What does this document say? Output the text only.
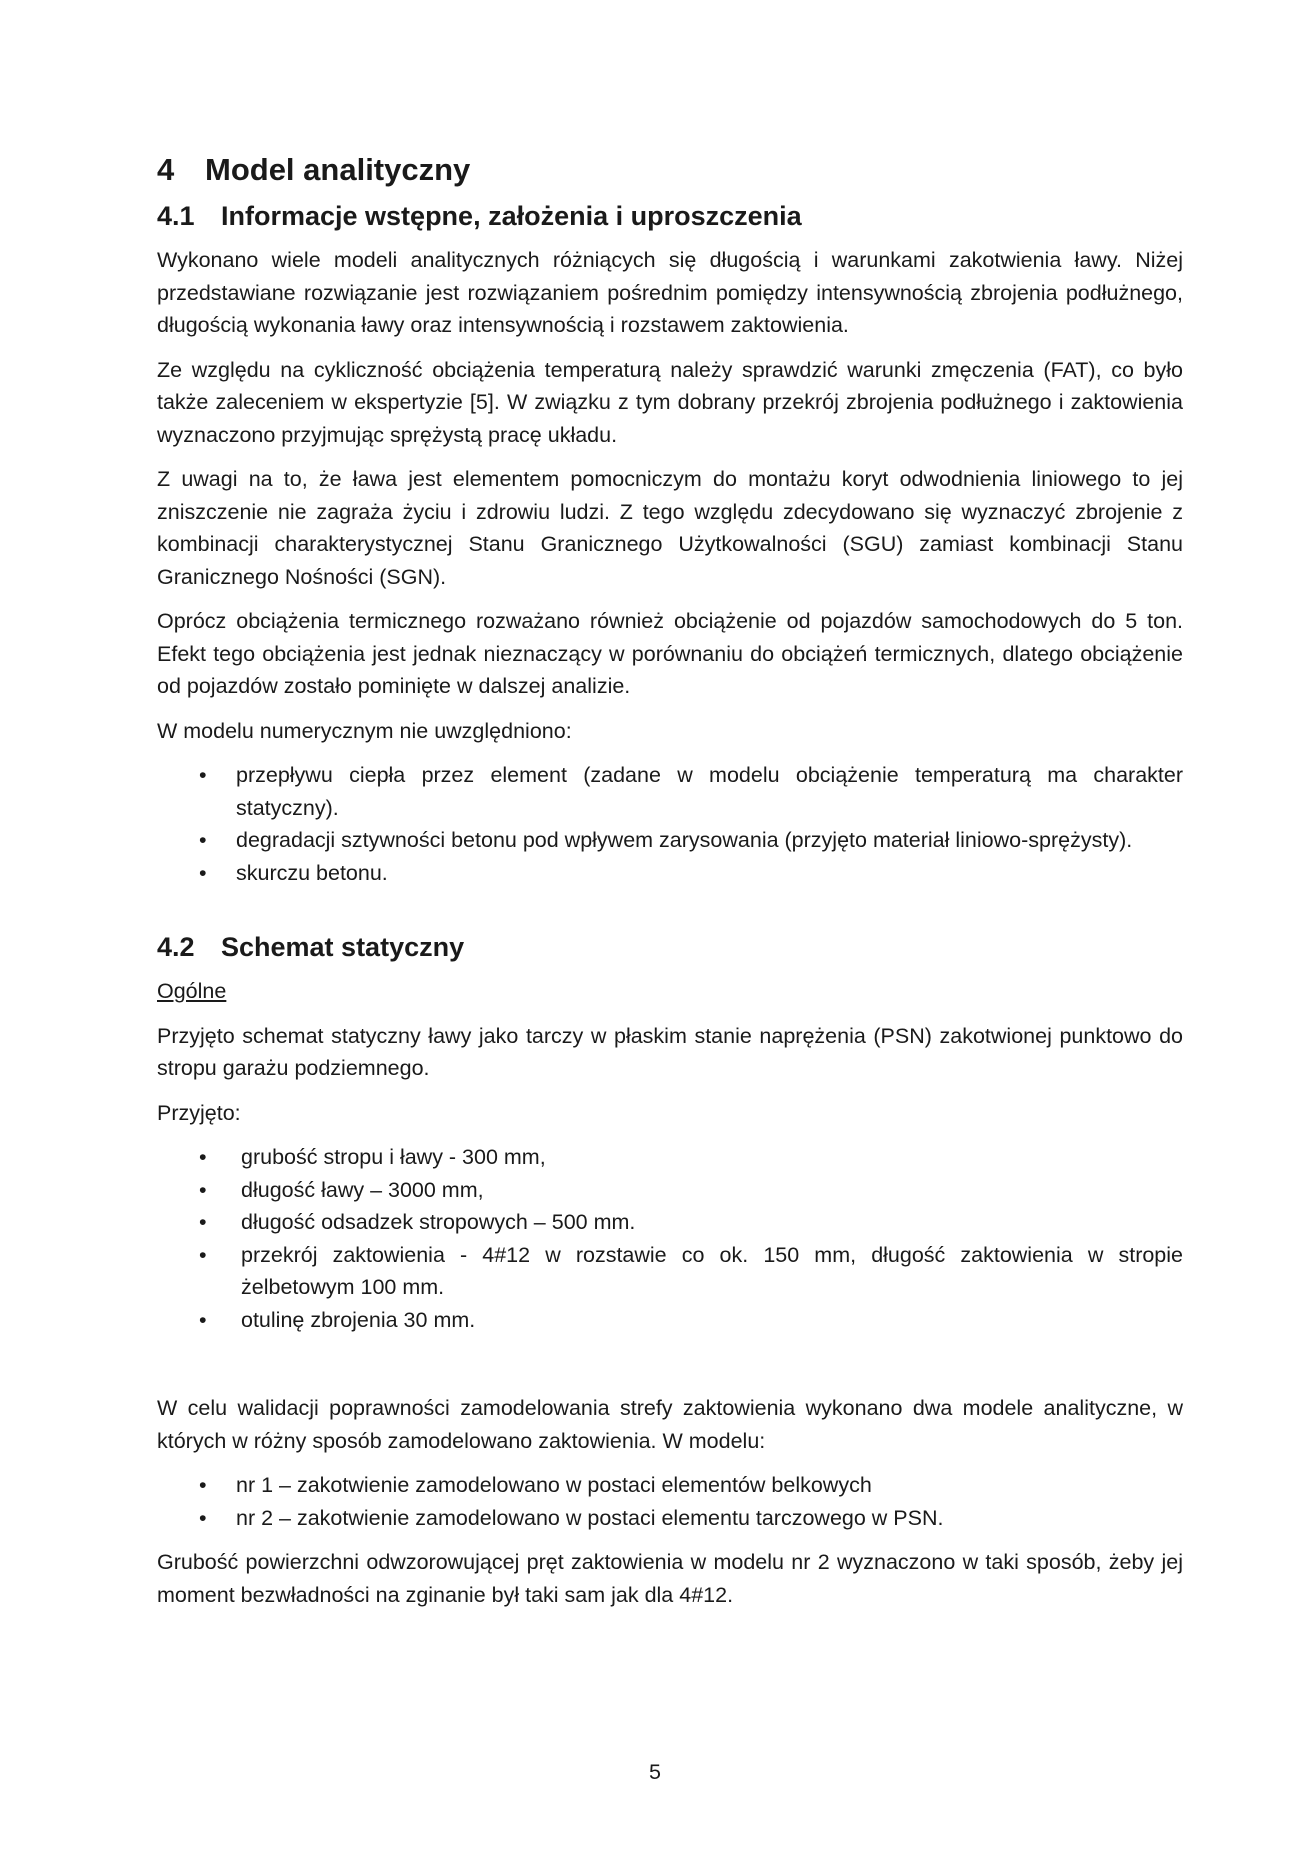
4 Model analityczny
4.1 Informacje wstępne, założenia i uproszczenia

Wykonano wiele modeli analitycznych różniących się długością i warunkami zakotwienia ławy. Niżej przedstawiane rozwiązanie jest rozwiązaniem pośrednim pomiędzy intensywnością zbrojenia podłużnego, długością wykonania ławy oraz intensywnością i rozstawem zaktowienia.

Ze względu na cykliczność obciążenia temperaturą należy sprawdzić warunki zmęczenia (FAT), co było także zaleceniem w ekspertyzie [5]. W związku z tym dobrany przekrój zbrojenia podłużnego i zaktowienia wyznaczono przyjmując sprężystą pracę układu.

Z uwagi na to, że ława jest elementem pomocniczym do montażu koryt odwodnienia liniowego to jej zniszczenie nie zagraża życiu i zdrowiu ludzi. Z tego względu zdecydowano się wyznaczyć zbrojenie z kombinacji charakterystycznej Stanu Granicznego Użytkowalności (SGU) zamiast kombinacji Stanu Granicznego Nośności (SGN).

Oprócz obciążenia termicznego rozważano również obciążenie od pojazdów samochodowych do 5 ton. Efekt tego obciążenia jest jednak nieznaczący w porównaniu do obciążeń termicznych, dlatego obciążenie od pojazdów zostało pominięte w dalszej analizie.

W modelu numerycznym nie uwzględniono:

• przepływu ciepła przez element (zadane w modelu obciążenie temperaturą ma charakter statyczny).
• degradacji sztywności betonu pod wpływem zarysowania (przyjęto materiał liniowo-sprężysty).
• skurczu betonu.
4.2 Schemat statyczny

Ogólne

Przyjęto schemat statyczny ławy jako tarczy w płaskim stanie naprężenia (PSN) zakotwionej punktowo do stropu garażu podziemnego.

Przyjęto:

• grubość stropu i ławy - 300 mm,
• długość ławy – 3000 mm,
• długość odsadzek stropowych – 500 mm.
• przekrój zaktowienia - 4#12 w rozstawie co ok. 150 mm, długość zaktowienia w stropie żelbetowym 100 mm.
• otulinę zbrojenia 30 mm.

W celu walidacji poprawności zamodelowania strefy zaktowienia wykonano dwa modele analityczne, w których w różny sposób zamodelowano zaktowienia. W modelu:

• nr 1 – zakotwienie zamodelowano w postaci elementów belkowych
• nr 2 – zakotwienie zamodelowano w postaci elementu tarczowego w PSN.

Grubość powierzchni odwzorowującej pręt zaktowienia w modelu nr 2 wyznaczono w taki sposób, żeby jej moment bezwładności na zginanie był taki sam jak dla 4#12.

5
